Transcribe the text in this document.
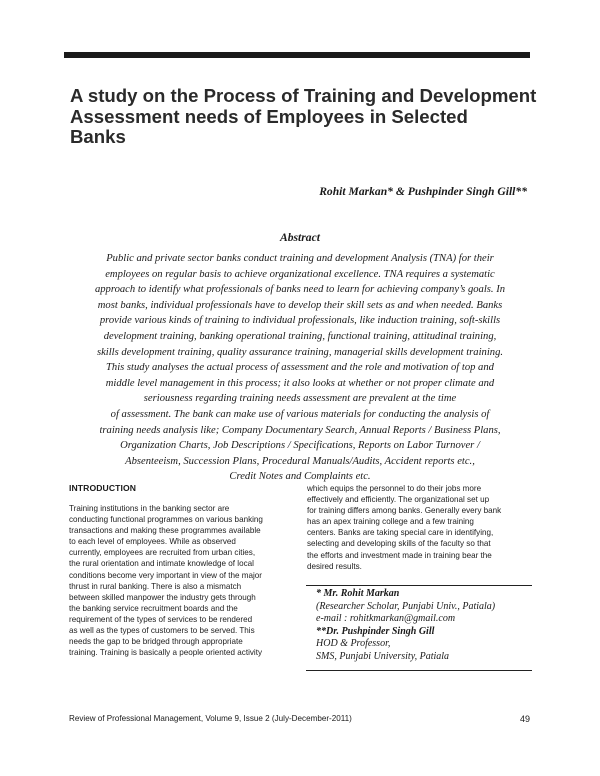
A study on the Process of Training and Development
Assessment needs of Employees in Selected
Banks
Rohit Markan* & Pushpinder Singh Gill**
Abstract
Public and private sector banks conduct training and development Analysis (TNA) for their
employees on regular basis to achieve organizational excellence. TNA requires a systematic
approach to identify what professionals of banks need to learn for achieving company’s goals. In
most banks, individual professionals have to develop their skill sets as and when needed. Banks
provide various kinds of training to individual professionals, like induction training, soft-skills
development training, banking operational training, functional training, attitudinal training,
skills development training, quality assurance training, managerial skills development training.
This study analyses the actual process of assessment and the role and motivation of top and
middle level management in this process; it also looks at whether or not proper climate and
seriousness regarding training needs assessment are prevalent at the time
of assessment. The bank can make use of various materials for conducting the analysis of
training needs analysis like; Company Documentary Search, Annual Reports / Business Plans,
Organization Charts, Job Descriptions / Specifications, Reports on Labor Turnover /
Absenteeism, Succession Plans, Procedural Manuals/Audits, Accident reports etc.,
Credit Notes and Complaints etc.
INTRODUCTION
Training institutions in the banking sector are
conducting functional programmes on various banking
transactions and making these programmes available
to each level of employees. While as observed
currently, employees are recruited from urban cities,
the rural orientation and intimate knowledge of local
conditions become very important in view of the major
thrust in rural banking. There is also a mismatch
between skilled manpower the industry gets through
the banking service recruitment boards and the
requirement of the types of services to be rendered
as well as the types of customers to be served. This
needs the gap to be bridged through appropriate
training. Training is basically a people oriented activity
which equips the personnel to do their jobs more
effectively and efficiently. The organizational set up
for training differs among banks. Generally every bank
has an apex training college and a few training
centers. Banks are taking special care in identifying,
selecting and developing skills of the faculty so that
the efforts and investment made in training bear the
desired results.
* Mr. Rohit Markan
(Researcher Scholar, Punjabi Univ., Patiala)
e-mail : rohitkmarkan@gmail.com
**Dr. Pushpinder Singh Gill
HOD & Professor,
SMS, Punjabi University, Patiala
Review of Professional Management, Volume 9, Issue 2 (July-December-2011)	49
